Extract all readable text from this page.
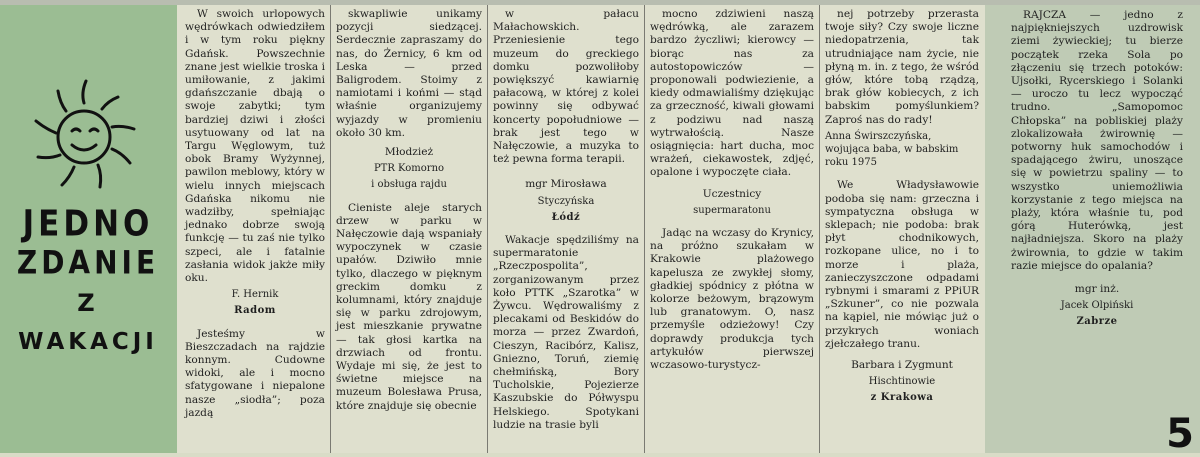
JEDNO
ZDANIE
Z
WAKACJI

W swoich urlopowych wędrówkach odwiedziłem i w tym roku piękny Gdańsk. Powszechnie znane jest wielkie troska i umiłowanie, z jakimi gdańszczanie dbają o swoje zabytki; tym bardziej dziwi i złości usytuowany od lat na Targu Węglowym, tuż obok Bramy Wyżynnej, pawilon meblowy, który w wielu innych miejscach Gdańska nikomu nie wadziłby, spełniając jednako dobrze swoją funkcję — tu zaś nie tylko szpeci, ale i fatalnie zasłania widok jakże miły oku.

F. Hernik

Radom

Jesteśmy w Bieszczadach na rajdzie konnym. Cudowne widoki, ale i mocno sfatygowane i niepalone nasze „siodła”; poza jazdą

skwapliwie unikamy pozycji siedzącej. Serdecznie zapraszamy do nas, do Żernicy, 6 km od Leska — przed Baligrodem. Stoimy z namiotami i końmi — stąd właśnie organizujemy wyjazdy w promieniu około 30 km.

Młodzież

PTR Komorno

i obsługa rajdu

Cieniste aleje starych drzew w parku w Nałęczowie dają wspaniały wypoczynek w czasie upałów. Dziwiło mnie tylko, dlaczego w pięknym greckim domku z kolumnami, który znajduje się w parku zdrojowym, jest mieszkanie prywatne — tak głosi kartka na drzwiach od frontu. Wydaje mi się, że jest to świetne miejsce na muzeum Bolesława Prusa, które znajduje się obecnie

w pałacu Małachowskich. Przeniesienie tego muzeum do greckiego domku pozwoliłoby powiększyć kawiarnię pałacową, w której z kolei powinny się odbywać koncerty popołudniowe — brak jest tego w Nałęczowie, a muzyka to też pewna forma terapii.

mgr Mirosława

Styczyńska

Łódź

Wakacje spędziliśmy na supermaratonie „Rzeczpospolita”, zorganizowanym przez koło PTTK „Szarotka” w Żywcu. Wędrowaliśmy z plecakami od Beskidów do morza — przez Zwardoń, Cieszyn, Racibórz, Kalisz, Gniezno, Toruń, ziemię chełmińską, Bory Tucholskie, Pojezierze Kaszubskie do Półwyspu Helskiego. Spotykani ludzie na trasie byli

mocno zdziwieni naszą wędrówką, ale zarazem bardzo życzliwi; kierowcy — biorąc nas za autostopowiczów — proponowali podwiezienie, a kiedy odmawialiśmy dziękując za grzeczność, kiwali głowami z podziwu nad naszą wytrwałością. Nasze osiągnięcia: hart ducha, moc wrażeń, ciekawostek, zdjęć, opalone i wypoczęte ciała.

Uczestnicy

supermaratonu

Jadąc na wczasy do Krynicy, na próżno szukałam w Krakowie plażowego kapelusza ze zwykłej słomy, gładkiej spódnicy z płótna w kolorze beżowym, brązowym lub granatowym. O, nasz przemyśle odzieżowy! Czy doprawdy produkcja tych artykułów pierwszej wczasowo-turystycz-

nej potrzeby przerasta twoje siły? Czy swoje liczne niedopatrzenia, tak utrudniające nam życie, nie płyną m. in. z tego, że wśród głów, które tobą rządzą, brak głów kobiecych, z ich babskim pomyślunkiem? Zaproś nas do rady!

Anna Świrszczyńska, wojująca baba, w babskim roku 1975

We Władysławowie podoba się nam: grzeczna i sympatyczna obsługa w sklepach; nie podoba: brak płyt chodnikowych, rozkopane ulice, no i to morze i plaża, zanieczyszczone odpadami rybnymi i smarami z PPiUR „Szkuner”, co nie pozwala na kąpiel, nie mówiąc już o przykrych woniach zjełczałego tranu.

Barbara i Zygmunt

Hischtinowie

z Krakowa

RAJCZA — jedno z najpiękniejszych uzdrowisk ziemi żywieckiej; tu bierze początek rzeka Sola po złączeniu się trzech potoków: Ujsołki, Rycerskiego i Solanki — uroczo tu lecz wypocząć trudno. „Samopomoc Chłopska” na pobliskiej plaży zlokalizowała żwirownię — potworny huk samochodów i spadającego żwiru, unoszące się w powietrzu spaliny — to wszystko uniemożliwia korzystanie z tego miejsca na plaży, która właśnie tu, pod górą Huterówką, jest najładniejsza. Skoro na plaży żwirownia, to gdzie w takim razie miejsce do opalania?

mgr inż.

Jacek Olpiński

Zabrze

5
